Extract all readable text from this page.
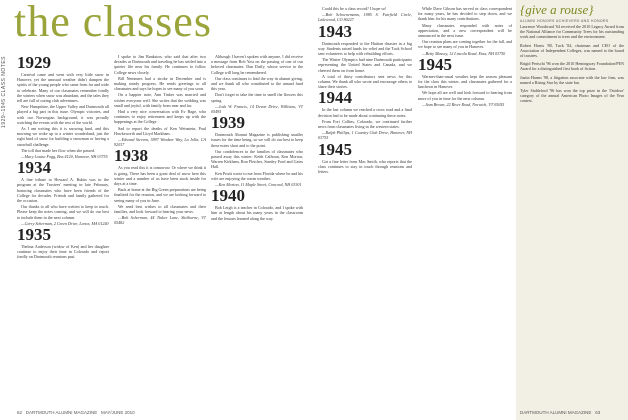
1929–1945 CLASS NOTES
the classes
1929

Carnival came and went with very little snow in Hanover, yet the unusual weather didn't dampen the spirits of the young people who came from far and wide to celebrate. Many of our classmates remember fondly the winters when snow was abundant, and the tales they tell are full of outing club adventures.

New Hampshire, the Upper Valley and Dartmouth all played a big part in this issue. Olympic victories, and with our Norwegian background, it was proudly watching the events with the rest of the world.

As I am writing this it is snowing hard, and this morning we woke up to a winter wonderland, just the right kind of snow for building a snowman or having a snowball challenge.

The toll that made her flow when she passed.

—Mary Louise Fogg, Box 4120, Hanover, NH 03755

1934

A fine tribute to Howard A. Rubin was in the program at the Trustees' meeting in late February, honoring classmates who have been friends of the College for decades. Friends and family gathered for the occasion.

Our thanks to all who have written to keep in touch. Please keep the notes coming, and we will do our best to include them in the next column.

—Gerry Scherman, 2 Green Drive, Lenox, MA 01240

1935

Thelma Anderson (widow of Ken) and her daughter continue to enjoy their time in Colorado and report fondly on Dartmouth reunions past.

I spoke to Jim Bankston, who said that after two decades at Dartmouth and traveling he has settled into a quieter life near his family. He continues to follow College news closely.

Bill Nemmers had a stroke in December and is making steady progress. He sends greetings to all classmates and says he hopes to see many of you soon.

On a happier note, Ann Tinker was married and wishes everyone well. She writes that the wedding was small and joyful, with family from near and far.

Had a very nice conversation with Ev Bage, who continues to enjoy retirement and keeps up with the happenings at the College.

Sad to report the deaths of Ken Weinstein, Paul Hawksworth and Lloyd Markham.

—Edward Stevens, 5997 Windsor Way, La Jolla, CA 92037

1938

As you read this it is tomorrow. Or where we think it is going. There has been a great deal of snow here this winter and a number of us have been stuck inside for days at a time.

Back at home at the Big Green preparations are being finalized for the reunion, and we are looking forward to seeing many of you in June.

We send best wishes to all classmates and their families, and look forward to hearing your news.

—Bob Scherman, 44 Tinker Lane, Shelburne, VT 05482

Although I haven't spoken with anyone, I did receive a message from Bob Yost on the passing of one of our beloved classmates. Dan Duffy, whose service to the College will long be remembered.

Our class continues to lead the way in alumni giving, and we thank all who contributed to the annual fund this year.

Don't forget to take the time to smell the flowers this spring.

—Josh W. Francis, 14 Devon Drive, Williston, VT 05495

1939

Dartmouth Alumni Magazine is publishing smaller issues for the time being, so we will do our best to keep these notes short and to the point.

Our condolences to the families of classmates who passed away this winter: Keith Calhoun, Ken Morton, Warren Kirkham, Ron Fletcher, Stanley Ford and Gates Hall.

Ken Pruitt wrote to me from Florida where he and his wife are enjoying the warm weather.

—Ken Morton, 11 Maple Street, Concord, NH 03301

1940

Bob Leigh is a teacher in Colorado, and I spoke with him at length about his many years in the classroom and the lessons learned along the way.

Could this be a class record? I hope so!

—Bob Schoenemann, 1985 S. Fairfield Circle, Lakewood, CO 80227

1943

Dartmouth responded to the Haitian disaster in a big way. Students raised funds for relief and the Tuck School sent volunteers to help with rebuilding efforts.

The Winter Olympics had nine Dartmouth participants representing the United States and Canada, and we cheered them on from home.

A total of thirty contributors sent news for this column. We thank all who wrote and encourage others to share their stories.

1944

In the last column we reached a cross road and a final decision had to be made about continuing these notes.

From Fort Collins, Colorado, we continued further news from classmates living in the western states.

—Ralph Phillips, 1 Country Club Drive, Hanover, NH 03755

1945

Got a fine letter from Mac Smith, who reports that the class continues to stay in touch through reunions and letters.

While Dave Gibson has served as class correspondent for many years, he has decided to step down, and we thank him for his many contributions.

Many classmates responded with notes of appreciation, and a new correspondent will be announced in the next issue.

Our reunion plans are coming together for the fall, and we hope to see many of you in Hanover.

—Betty Massey, 12 Lincoln Road, Etna, NH 03750

1945

Warmer-than-usual weather kept the season pleasant for the class this winter, and classmates gathered for a luncheon in Hanover.

We hope all are well and look forward to hearing from more of you in time for the next column.

—Sam Brown, 22 River Road, Norwich, VT 05055

{give a rouse}
ALUMNI HONORS ACHIEVERS AND HONORS

Laurence Woodward '64 received the 2010 Legacy Award from the National Alliance for Community Trees for his outstanding work and commitment to trees and the environment.

Robert Harris '80, Tuck '84, chairman and CEO of the Association of Independent Colleges, was named to the board of trustees.

Brigid Pertschi '96 won the 2010 Hemingway Foundation/PEN Award for a distinguished first book of fiction.

Justin Harms '98, a litigation associate with the law firm, was named a Rising Star by the state bar.

Tyler Stableford '96 has won the top prize in the 'Outdoor' category of the annual American Photo Images of the Year contest.

62 DARTMOUTH ALUMNI MAGAZINE MAY/JUNE 2010	DARTMOUTH ALUMNI MAGAZINE 63
